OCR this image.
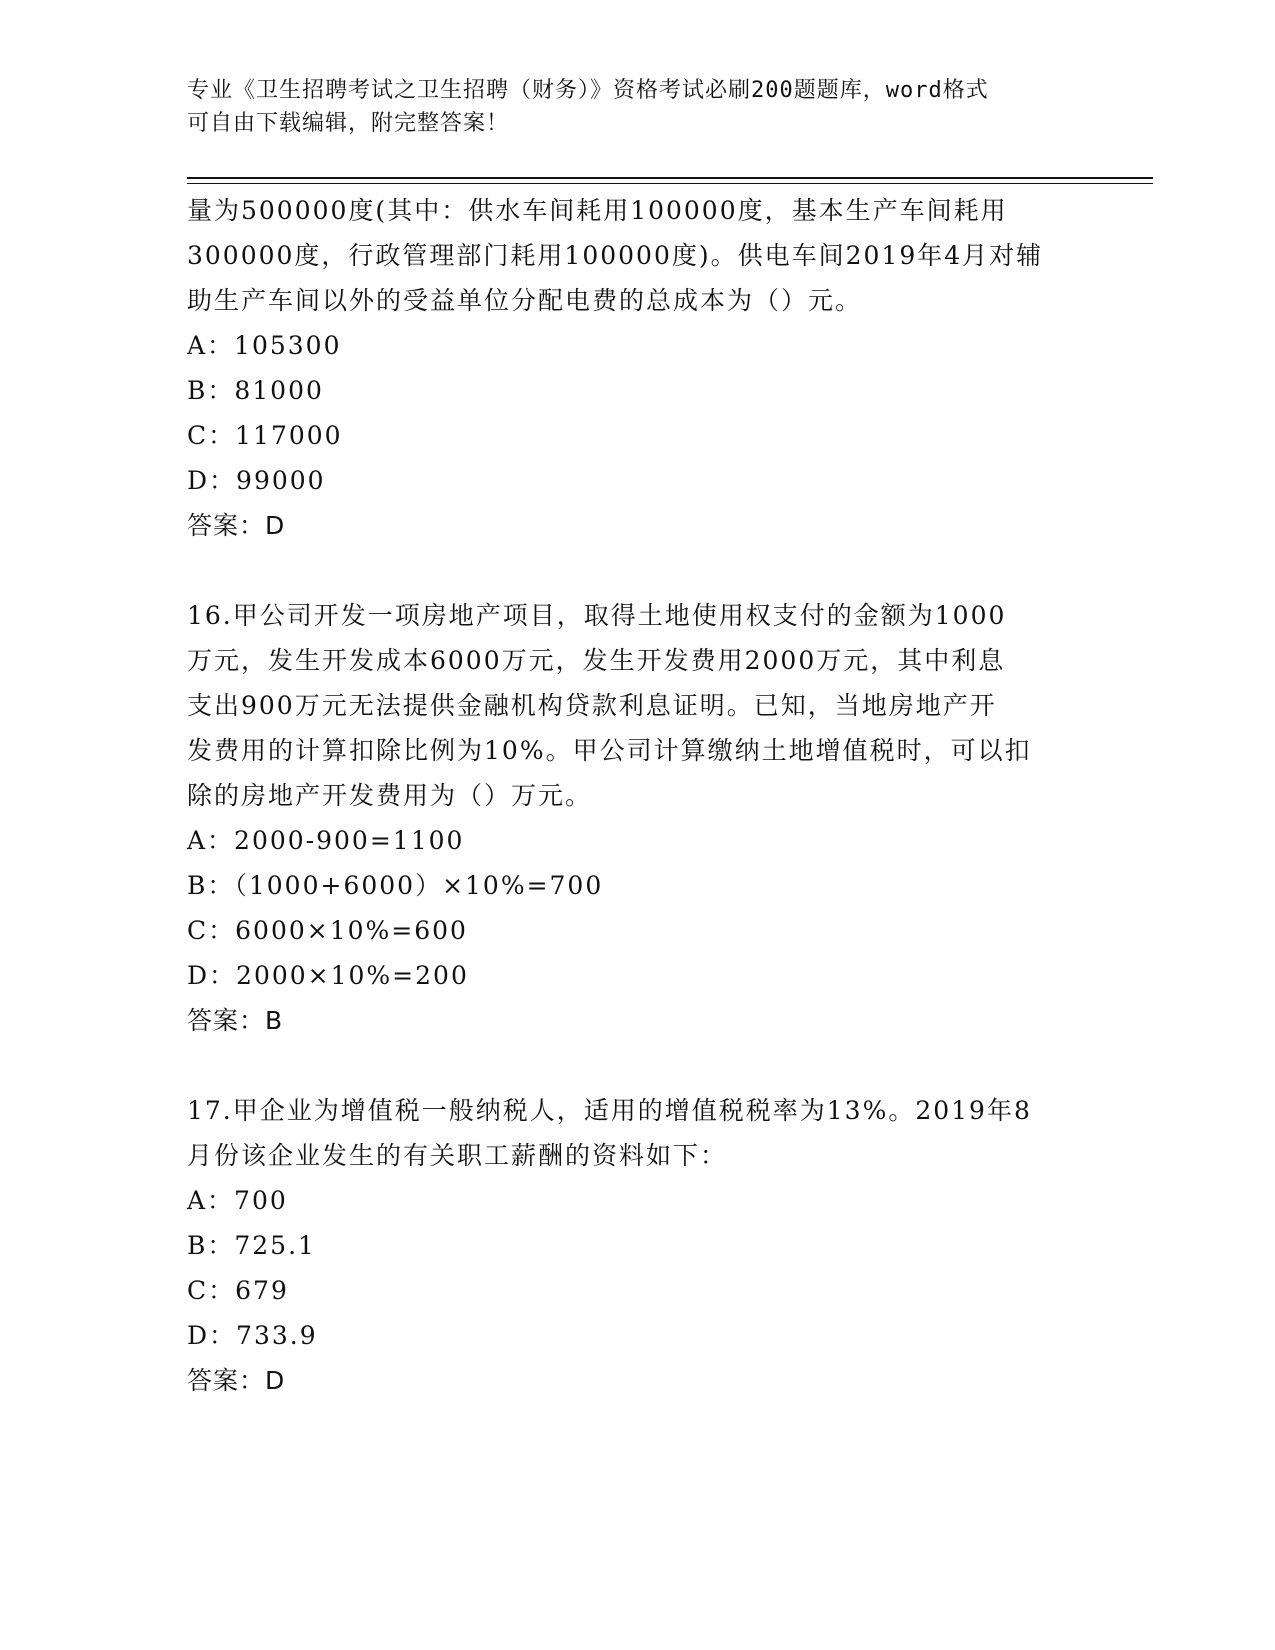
专业《卫生招聘考试之卫生招聘（财务）》资格考试必刷200题题库，word格式
可自由下载编辑，附完整答案！
量为500000度(其中：供水车间耗用100000度，基本生产车间耗用
300000度，行政管理部门耗用100000度)。供电车间2019年4月对辅
助生产车间以外的受益单位分配电费的总成本为（）元。
A：105300
B：81000
C：117000
D：99000
答案：D
16.甲公司开发一项房地产项目，取得土地使用权支付的金额为1000
万元，发生开发成本6000万元，发生开发费用2000万元，其中利息
支出900万元无法提供金融机构贷款利息证明。已知，当地房地产开
发费用的计算扣除比例为10%。甲公司计算缴纳土地增值税时，可以扣
除的房地产开发费用为（）万元。
A：2000-900=1100
B：（1000+6000）×10%=700
C：6000×10%=600
D：2000×10%=200
答案：B
17.甲企业为增值税一般纳税人，适用的增值税税率为13%。2019年8
月份该企业发生的有关职工薪酬的资料如下：
A：700
B：725.1
C：679
D：733.9
答案：D
